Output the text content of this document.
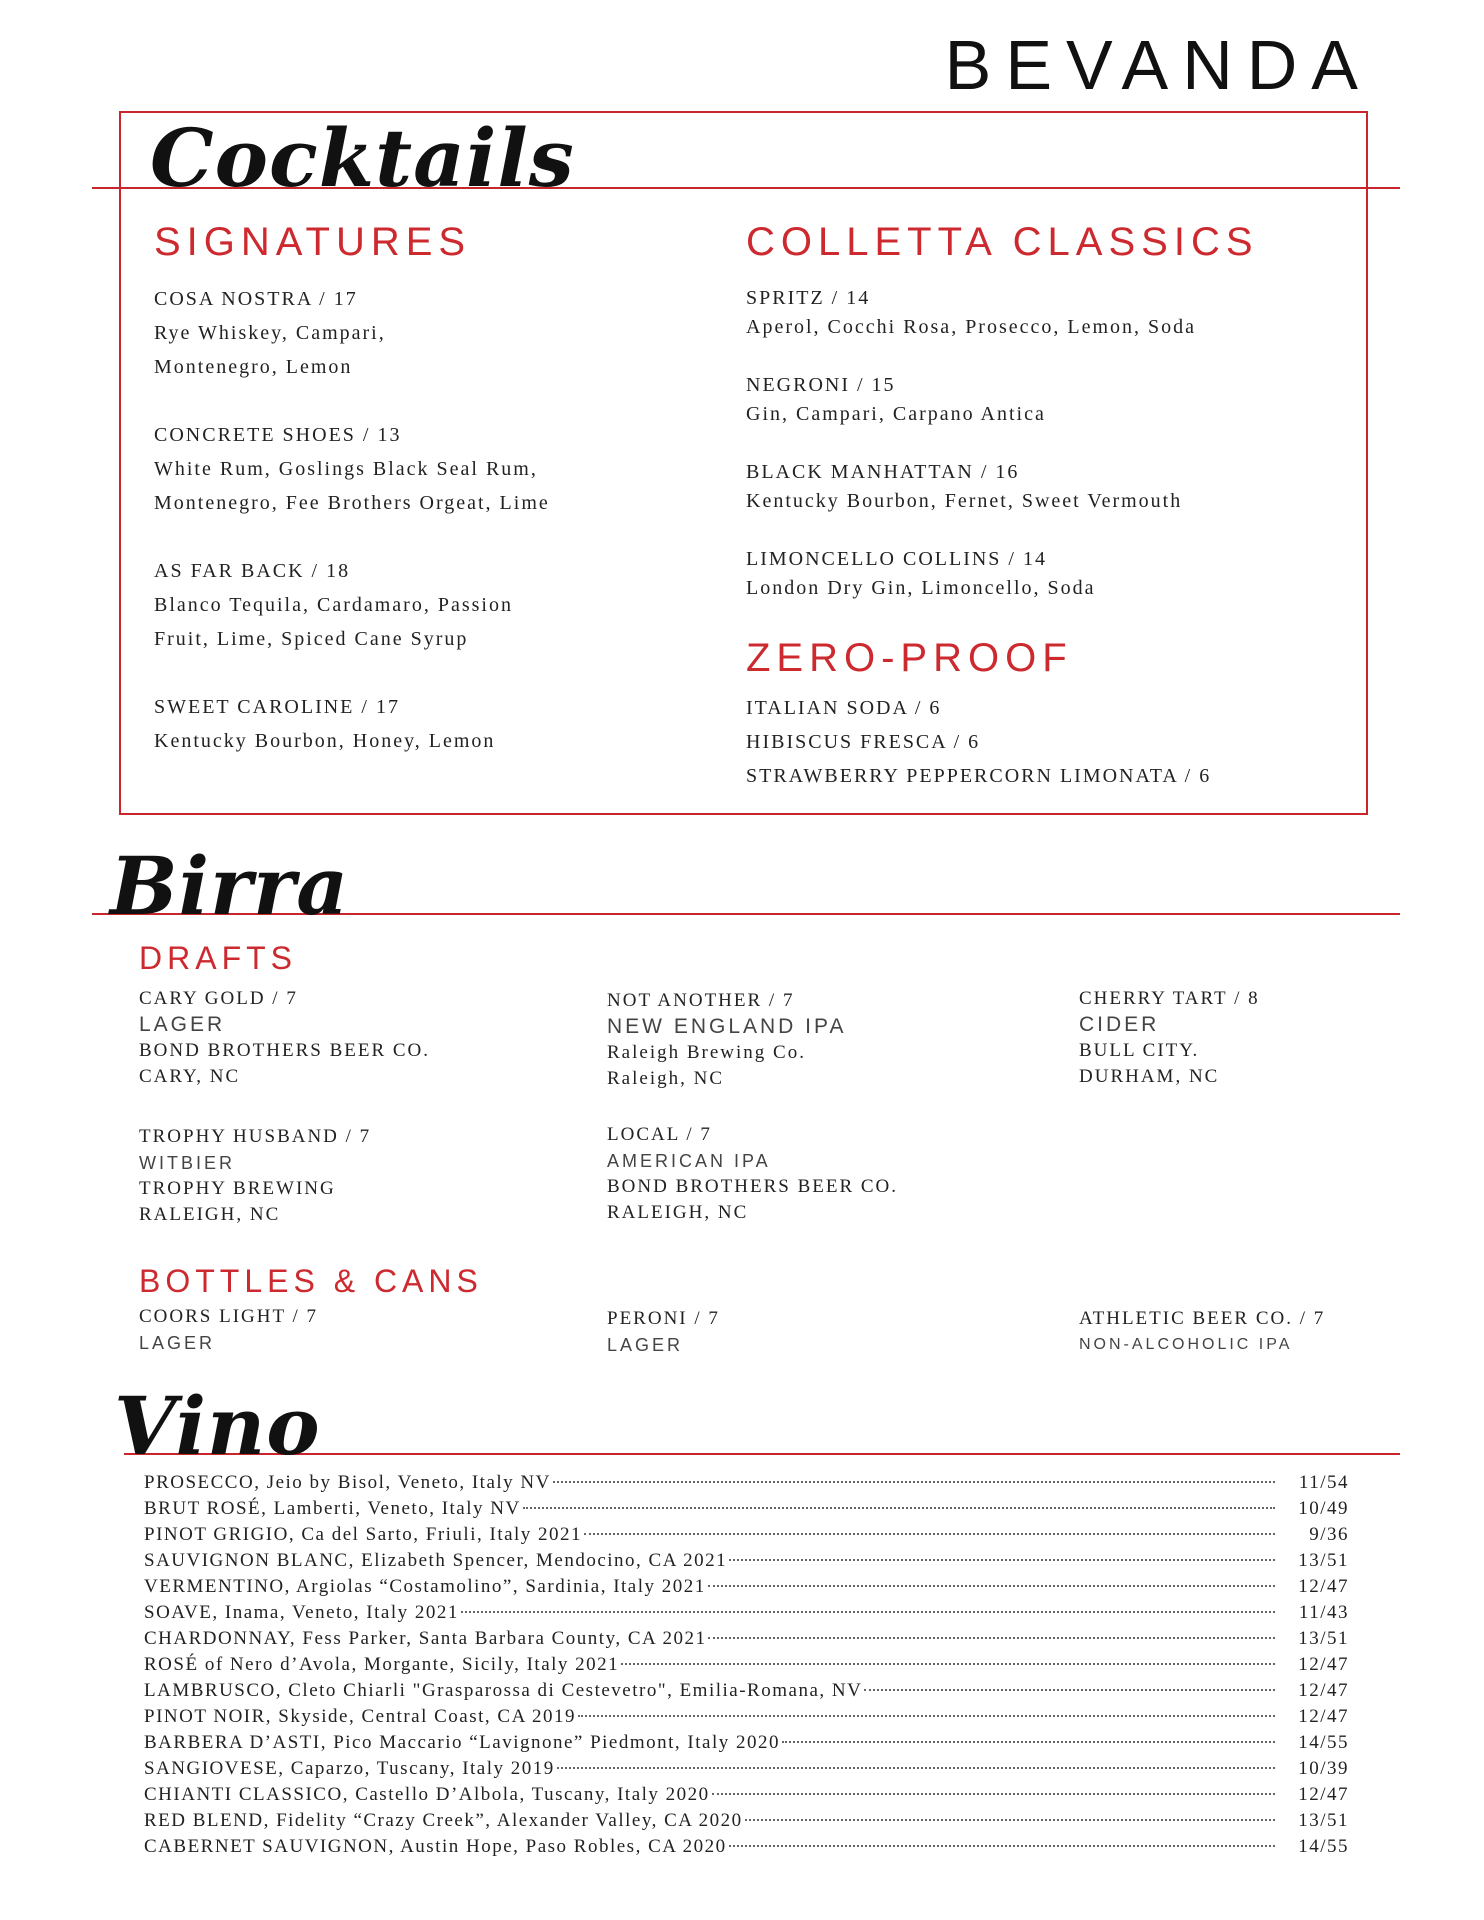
BEVANDA
Cocktails
SIGNATURES
COSA NOSTRA / 17
Rye Whiskey, Campari,
Montenegro, Lemon
CONCRETE SHOES / 13
White Rum, Goslings Black Seal Rum,
Montenegro, Fee Brothers Orgeat, Lime
AS FAR BACK / 18
Blanco Tequila, Cardamaro, Passion
Fruit, Lime, Spiced Cane Syrup
SWEET CAROLINE / 17
Kentucky Bourbon, Honey, Lemon
COLLETTA CLASSICS
SPRITZ / 14
Aperol, Cocchi Rosa, Prosecco, Lemon, Soda
NEGRONI / 15
Gin, Campari, Carpano Antica
BLACK MANHATTAN / 16
Kentucky Bourbon, Fernet, Sweet Vermouth
LIMONCELLO COLLINS / 14
London Dry Gin, Limoncello, Soda
ZERO-PROOF
ITALIAN SODA / 6
HIBISCUS FRESCA / 6
STRAWBERRY PEPPERCORN LIMONATA / 6
Birra
DRAFTS
CARY GOLD / 7
LAGER
BOND BROTHERS BEER CO.
CARY, NC
TROPHY HUSBAND / 7
WITBIER
TROPHY BREWING
RALEIGH, NC
NOT ANOTHER / 7
NEW ENGLAND IPA
Raleigh Brewing Co.
Raleigh, NC
LOCAL / 7
AMERICAN IPA
BOND BROTHERS BEER CO.
RALEIGH, NC
CHERRY TART / 8
CIDER
BULL CITY.
DURHAM, NC
BOTTLES & CANS
COORS LIGHT / 7
LAGER
PERONI / 7
LAGER
ATHLETIC BEER CO. / 7
NON-ALCOHOLIC IPA
Vino
PROSECCO, Jeio by Bisol, Veneto, Italy NV	11/54
BRUT ROSÉ, Lamberti, Veneto, Italy NV	10/49
PINOT GRIGIO, Ca del Sarto, Friuli, Italy 2021	9/36
SAUVIGNON BLANC, Elizabeth Spencer, Mendocino, CA 2021	13/51
VERMENTINO, Argiolas “Costamolino”, Sardinia, Italy 2021	12/47
SOAVE, Inama, Veneto, Italy 2021	11/43
CHARDONNAY, Fess Parker, Santa Barbara County, CA 2021	13/51
ROSÉ of Nero d’Avola, Morgante, Sicily, Italy 2021	12/47
LAMBRUSCO, Cleto Chiarli "Grasparossa di Cestevetro", Emilia-Romana, NV	12/47
PINOT NOIR, Skyside, Central Coast, CA 2019	12/47
BARBERA D’ASTI, Pico Maccario “Lavignone” Piedmont, Italy 2020	14/55
SANGIOVESE, Caparzo, Tuscany, Italy 2019	10/39
CHIANTI CLASSICO, Castello D’Albola, Tuscany, Italy 2020	12/47
RED BLEND, Fidelity “Crazy Creek”, Alexander Valley, CA 2020	13/51
CABERNET SAUVIGNON, Austin Hope, Paso Robles, CA 2020	14/55
